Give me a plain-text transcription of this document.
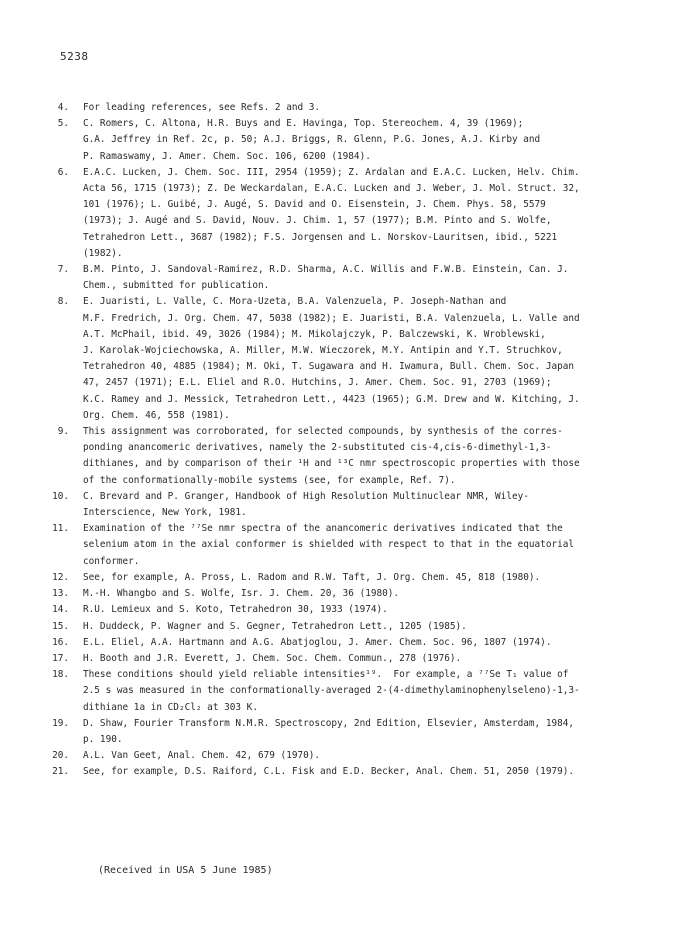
5238
4.	For leading references, see Refs. 2 and 3.
5.	C. Romers, C. Altona, H.R. Buys and E. Havinga, Top. Stereochem. 4, 39 (1969);
G.A. Jeffrey in Ref. 2c, p. 50; A.J. Briggs, R. Glenn, P.G. Jones, A.J. Kirby and
P. Ramaswamy, J. Amer. Chem. Soc. 106, 6200 (1984).
6.	E.A.C. Lucken, J. Chem. Soc. III, 2954 (1959); Z. Ardalan and E.A.C. Lucken, Helv. Chim.
Acta 56, 1715 (1973); Z. De Weckardalan, E.A.C. Lucken and J. Weber, J. Mol. Struct. 32,
101 (1976); L. Guibé, J. Augé, S. David and O. Eisenstein, J. Chem. Phys. 58, 5579
(1973); J. Augé and S. David, Nouv. J. Chim. 1, 57 (1977); B.M. Pinto and S. Wolfe,
Tetrahedron Lett., 3687 (1982); F.S. Jorgensen and L. Norskov-Lauritsen, ibid., 5221
(1982).
7.	B.M. Pinto, J. Sandoval-Ramirez, R.D. Sharma, A.C. Willis and F.W.B. Einstein, Can. J.
Chem., submitted for publication.
8.	E. Juaristi, L. Valle, C. Mora-Uzeta, B.A. Valenzuela, P. Joseph-Nathan and
M.F. Fredrich, J. Org. Chem. 47, 5038 (1982); E. Juaristi, B.A. Valenzuela, L. Valle and
A.T. McPhail, ibid. 49, 3026 (1984); M. Mikolajczyk, P. Balczewski, K. Wroblewski,
J. Karolak-Wojciechowska, A. Miller, M.W. Wieczorek, M.Y. Antipin and Y.T. Struchkov,
Tetrahedron 40, 4885 (1984); M. Oki, T. Sugawara and H. Iwamura, Bull. Chem. Soc. Japan
47, 2457 (1971); E.L. Eliel and R.O. Hutchins, J. Amer. Chem. Soc. 91, 2703 (1969);
K.C. Ramey and J. Messick, Tetrahedron Lett., 4423 (1965); G.M. Drew and W. Kitching, J.
Org. Chem. 46, 558 (1981).
9.	This assignment was corroborated, for selected compounds, by synthesis of the corres-
ponding anancomeric derivatives, namely the 2-substituted cis-4,cis-6-dimethyl-1,3-
dithianes, and by comparison of their ¹H and ¹³C nmr spectroscopic properties with those
of the conformationally-mobile systems (see, for example, Ref. 7).
10.	C. Brevard and P. Granger, Handbook of High Resolution Multinuclear NMR, Wiley-
Interscience, New York, 1981.
11.	Examination of the ⁷⁷Se nmr spectra of the anancomeric derivatives indicated that the
selenium atom in the axial conformer is shielded with respect to that in the equatorial
conformer.
12.	See, for example, A. Pross, L. Radom and R.W. Taft, J. Org. Chem. 45, 818 (1980).
13.	M.-H. Whangbo and S. Wolfe, Isr. J. Chem. 20, 36 (1980).
14.	R.U. Lemieux and S. Koto, Tetrahedron 30, 1933 (1974).
15.	H. Duddeck, P. Wagner and S. Gegner, Tetrahedron Lett., 1205 (1985).
16.	E.L. Eliel, A.A. Hartmann and A.G. Abatjoglou, J. Amer. Chem. Soc. 96, 1807 (1974).
17.	H. Booth and J.R. Everett, J. Chem. Soc. Chem. Commun., 278 (1976).
18.	These conditions should yield reliable intensities¹⁹.  For example, a ⁷⁷Se T₁ value of
2.5 s was measured in the conformationally-averaged 2-(4-dimethylaminophenylseleno)-1,3-
dithiane 1a in CD₂Cl₂ at 303 K.
19.	D. Shaw, Fourier Transform N.M.R. Spectroscopy, 2nd Edition, Elsevier, Amsterdam, 1984,
p. 190.
20.	A.L. Van Geet, Anal. Chem. 42, 679 (1970).
21.	See, for example, D.S. Raiford, C.L. Fisk and E.D. Becker, Anal. Chem. 51, 2050 (1979).
(Received in USA 5 June 1985)
